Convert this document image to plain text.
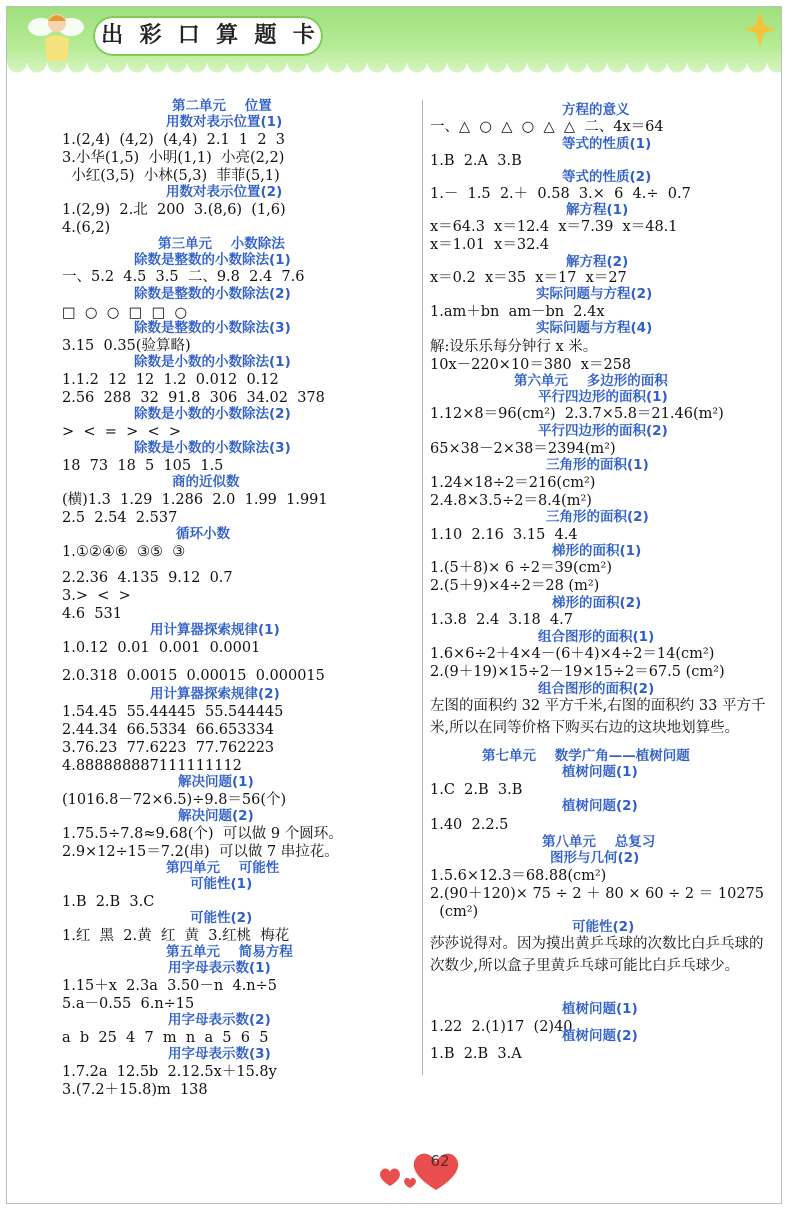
出 彩 口 算 题 卡
第二单元    位置
用数对表示位置(1)
1.(2,4)  (4,2)  (4,4)  2.1  1  2  3
3.小华(1,5)  小明(1,1)  小亮(2,2)
小红(3,5)  小林(5,3)  菲菲(5,1)
用数对表示位置(2)
1.(2,9)  2.北  200  3.(8,6)  (1,6)
4.(6,2)
第三单元    小数除法
除数是整数的小数除法(1)
一、5.2  4.5  3.5  二、9.8  2.4  7.6
除数是整数的小数除法(2)
□  ○  ○  □  □  ○
除数是整数的小数除法(3)
3.15  0.35(验算略)
除数是小数的小数除法(1)
1.1.2  12  12  1.2  0.012  0.12
2.56  288  32  91.8  306  34.02  378
除数是小数的小数除法(2)
>  <  =  >  <  >
除数是小数的小数除法(3)
18  73  18  5  105  1.5
商的近似数
(横)1.3  1.29  1.286  2.0  1.99  1.991
2.5  2.54  2.537
循环小数
1.①②④⑥  ③⑤  ③
2.2.36  4.135  9.12  0.7
3.>  <  >
4.6  531
用计算器探索规律(1)
1.0.12  0.01  0.001  0.0001
2.0.318  0.0015  0.00015  0.000015
用计算器探索规律(2)
1.54.45  55.44445  55.544445
2.44.34  66.5334  66.653334
3.76.23  77.6223  77.762223
4.888888887111111112
解决问题(1)
(1016.8－72×6.5)÷9.8＝56(个)
解决问题(2)
1.75.5÷7.8≈9.68(个)  可以做 9 个圆环。
2.9×12÷15＝7.2(串)  可以做 7 串拉花。
第四单元    可能性
可能性(1)
1.B  2.B  3.C
可能性(2)
1.红  黑  2.黄  红  黄  3.红桃  梅花
第五单元    简易方程
用字母表示数(1)
1.15＋x  2.3a  3.50－n  4.n÷5
5.a－0.55  6.n÷15
用字母表示数(2)
a  b  25  4  7  m  n  a  5  6  5
用字母表示数(3)
1.7.2a  12.5b  2.12.5x＋15.8y
3.(7.2＋15.8)m  138
方程的意义
一、△  ○  △  ○  △  △  二、4x＝64
等式的性质(1)
1.B  2.A  3.B
等式的性质(2)
1.－  1.5  2.＋  0.58  3.×  6  4.÷  0.7
解方程(1)
x＝64.3  x＝12.4  x＝7.39  x＝48.1
x＝1.01  x＝32.4
解方程(2)
x＝0.2  x＝35  x＝17  x＝27
实际问题与方程(2)
1.am＋bn  am－bn  2.4x
实际问题与方程(4)
解:设乐乐每分钟行 x 米。
10x－220×10＝380  x＝258
第六单元    多边形的面积
平行四边形的面积(1)
1.12×8＝96(cm²)  2.3.7×5.8＝21.46(m²)
平行四边形的面积(2)
65×38－2×38＝2394(m²)
三角形的面积(1)
1.24×18÷2＝216(cm²)
2.4.8×3.5÷2＝8.4(m²)
三角形的面积(2)
1.10  2.16  3.15  4.4
梯形的面积(1)
1.(5＋8)× 6 ÷2＝39(cm²)
2.(5＋9)×4÷2＝28 (m²)
梯形的面积(2)
1.3.8  2.4  3.18  4.7
组合图形的面积(1)
1.6×6÷2＋4×4－(6＋4)×4÷2＝14(cm²)
2.(9＋19)×15÷2－19×15÷2＝67.5 (cm²)
组合图形的面积(2)
左图的面积约 32 平方千米,右图的面积约 33 平方千米,所以在同等价格下购买右边的这块地划算些。
第七单元    数学广角——植树问题
植树问题(1)
1.C  2.B  3.B
植树问题(2)
1.40  2.2.5
第八单元    总复习
图形与几何(2)
1.5.6×12.3＝68.88(cm²)
2.(90＋120)× 75 ÷ 2 ＋ 80 × 60 ÷ 2 ＝ 10275
(cm²)
可能性(2)
莎莎说得对。因为摸出黄乒乓球的次数比白乒乓球的次数少,所以盒子里黄乒乓球可能比白乒乓球少。
植树问题(1)
1.22  2.(1)17  (2)40
植树问题(2)
1.B  2.B  3.A
62
